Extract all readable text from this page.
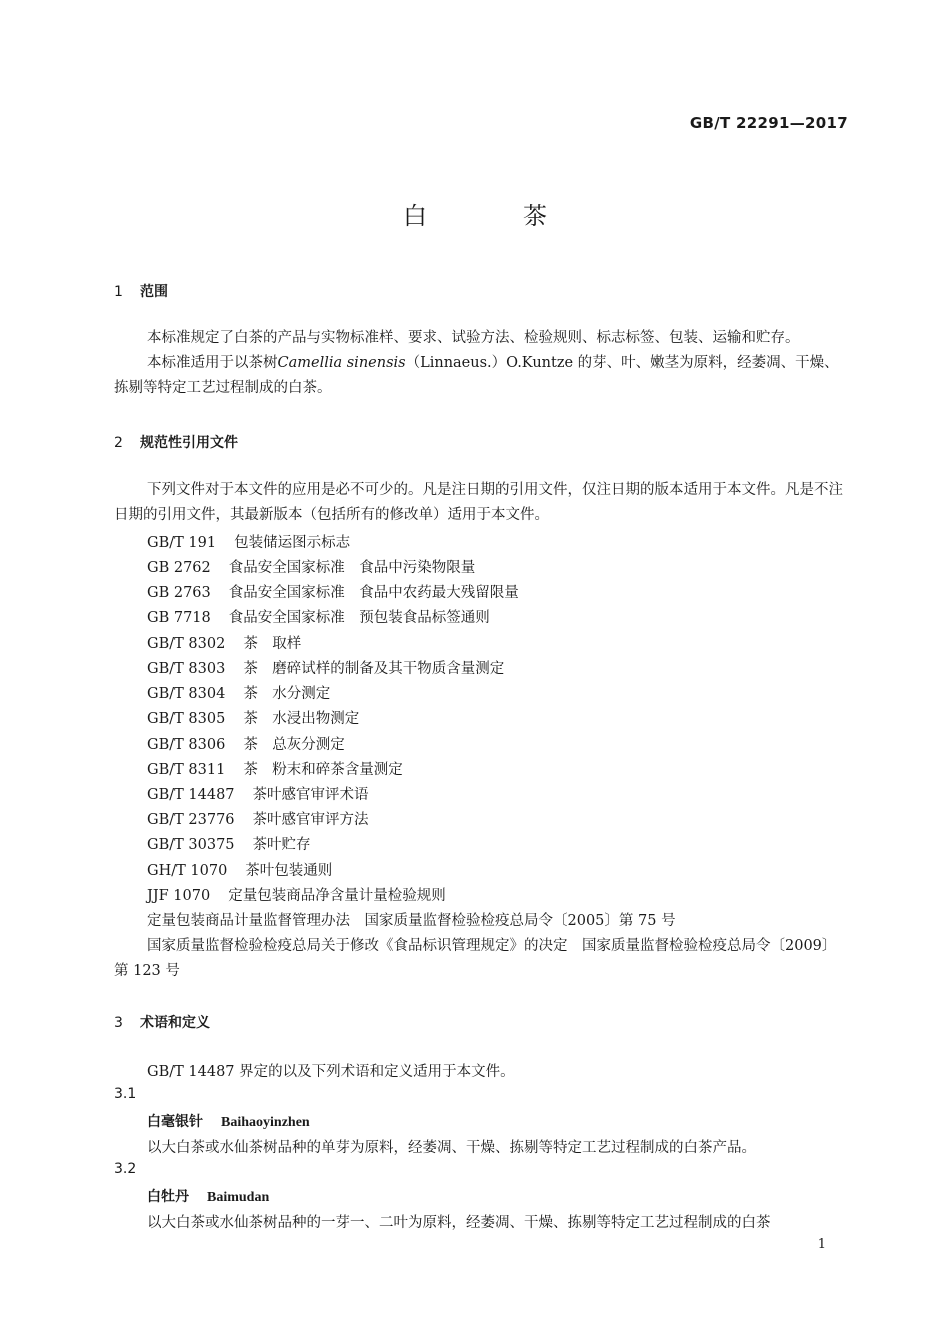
GB/T 22291—2017
白茶
1 范围
本标准规定了白茶的产品与实物标准样、要求、试验方法、检验规则、标志标签、包装、运输和贮存。
本标准适用于以茶树Camellia sinensis（Linnaeus.）O.Kuntze 的芽、叶、嫩茎为原料，经萎凋、干燥、拣剔等特定工艺过程制成的白茶。
2 规范性引用文件
下列文件对于本文件的应用是必不可少的。凡是注日期的引用文件，仅注日期的版本适用于本文件。凡是不注日期的引用文件，其最新版本（包括所有的修改单）适用于本文件。
GB/T 191 包装储运图示标志
GB 2762 食品安全国家标准　食品中污染物限量
GB 2763 食品安全国家标准　食品中农药最大残留限量
GB 7718 食品安全国家标准　预包装食品标签通则
GB/T 8302 茶　取样
GB/T 8303 茶　磨碎试样的制备及其干物质含量测定
GB/T 8304 茶　水分测定
GB/T 8305 茶　水浸出物测定
GB/T 8306 茶　总灰分测定
GB/T 8311 茶　粉末和碎茶含量测定
GB/T 14487 茶叶感官审评术语
GB/T 23776 茶叶感官审评方法
GB/T 30375 茶叶贮存
GH/T 1070 茶叶包装通则
JJF 1070 定量包装商品净含量计量检验规则
定量包装商品计量监督管理办法　国家质量监督检验检疫总局令〔2005〕第 75 号
国家质量监督检验检疫总局关于修改《食品标识管理规定》的决定　国家质量监督检验检疫总局令〔2009〕第 123 号
3 术语和定义
GB/T 14487 界定的以及下列术语和定义适用于本文件。
3.1
白毫银针 Baihaoyinzhen
以大白茶或水仙茶树品种的单芽为原料，经萎凋、干燥、拣剔等特定工艺过程制成的白茶产品。
3.2
白牡丹 Baimudan
以大白茶或水仙茶树品种的一芽一、二叶为原料，经萎凋、干燥、拣剔等特定工艺过程制成的白茶
1
